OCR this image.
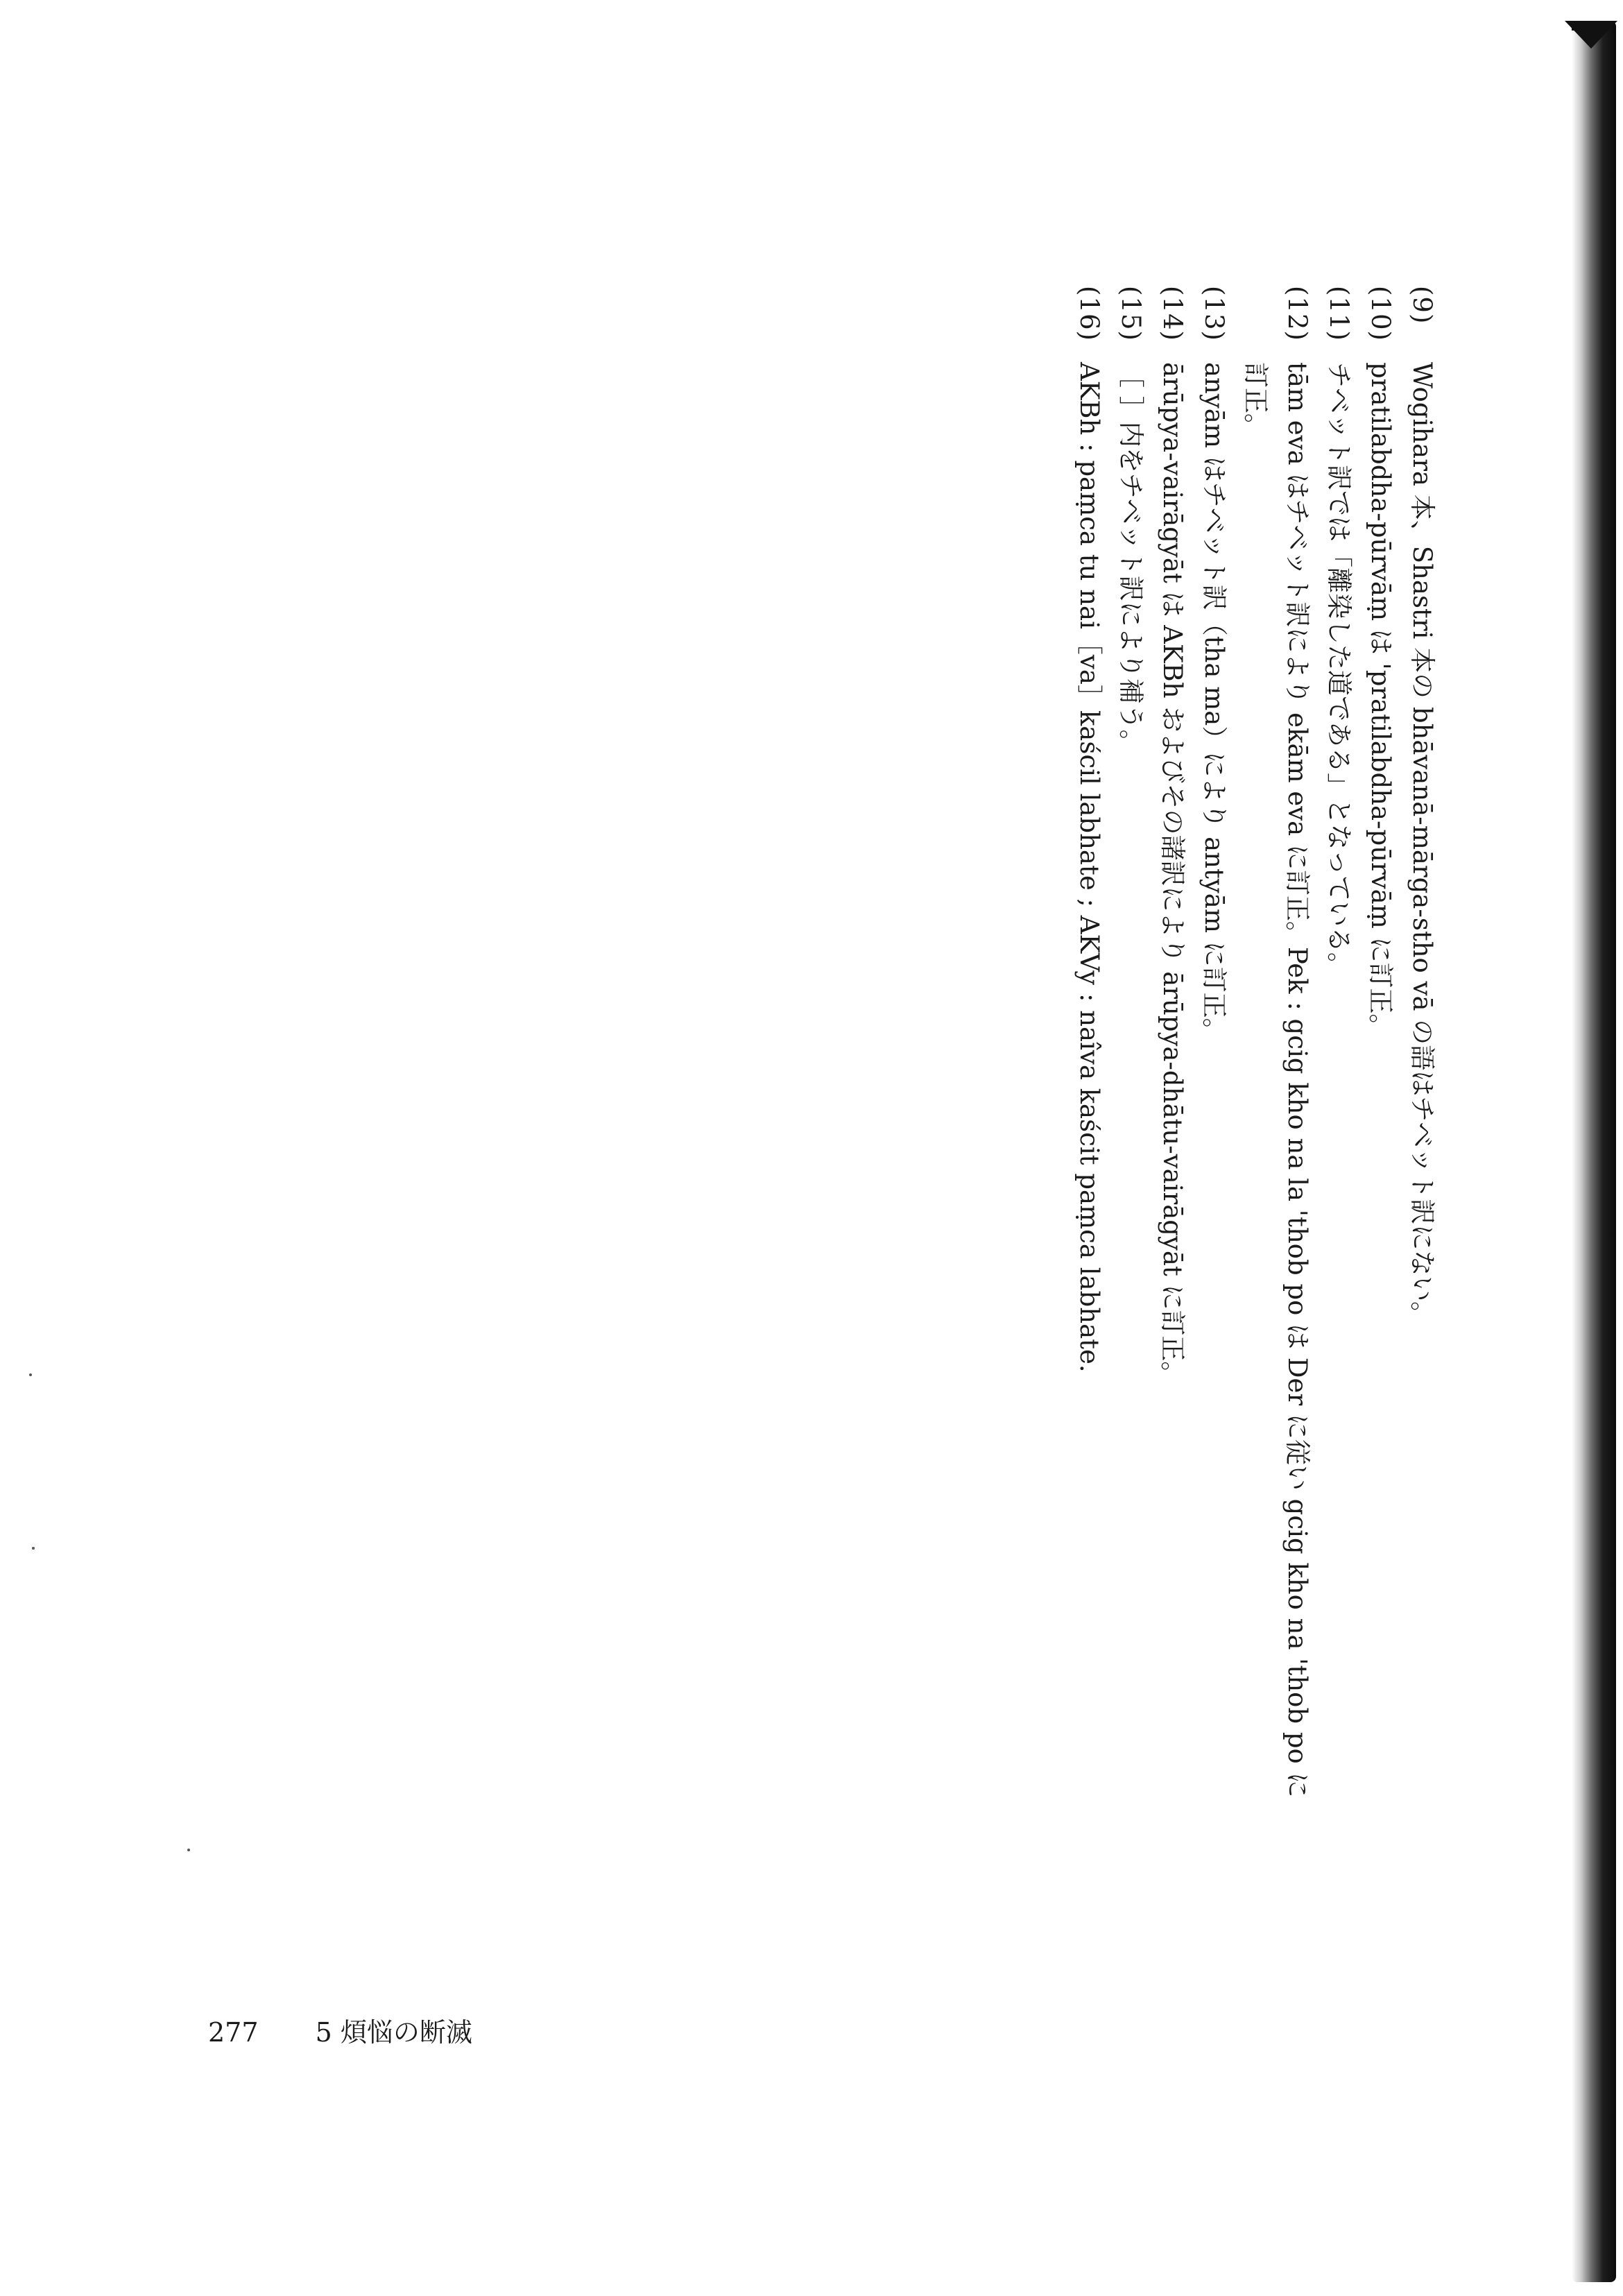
(9)
Wogihara 本、Shastri 本の bhāvanā-mārga-stho vā の語はチベット訳にない。
(10)
pratilabdha-pūrvāṃ は 'pratilabdha-pūrvāṃ に訂正。
(11)
チベット訳では「離染した道である」となっている。
(12)
tām eva はチベット訳により ekām eva に訂正。Pek : gcig kho na la 'thob po は Der に従い gcig kho na 'thob po に
訂正。
(13)
anyām はチベット訳（tha ma）により antyām に訂正。
(14)
ārūpya-vairāgyāt は AKBh およびその諸訳により ārūpya-dhātu-vairāgyāt に訂正。
(15)
［ ］内をチベット訳により補う。
(16)
AKBh : paṃca tu nai［va］kaścil labhate ; AKVy : naîva kaścit paṃca labhate.
277 5 煩悩の断滅
